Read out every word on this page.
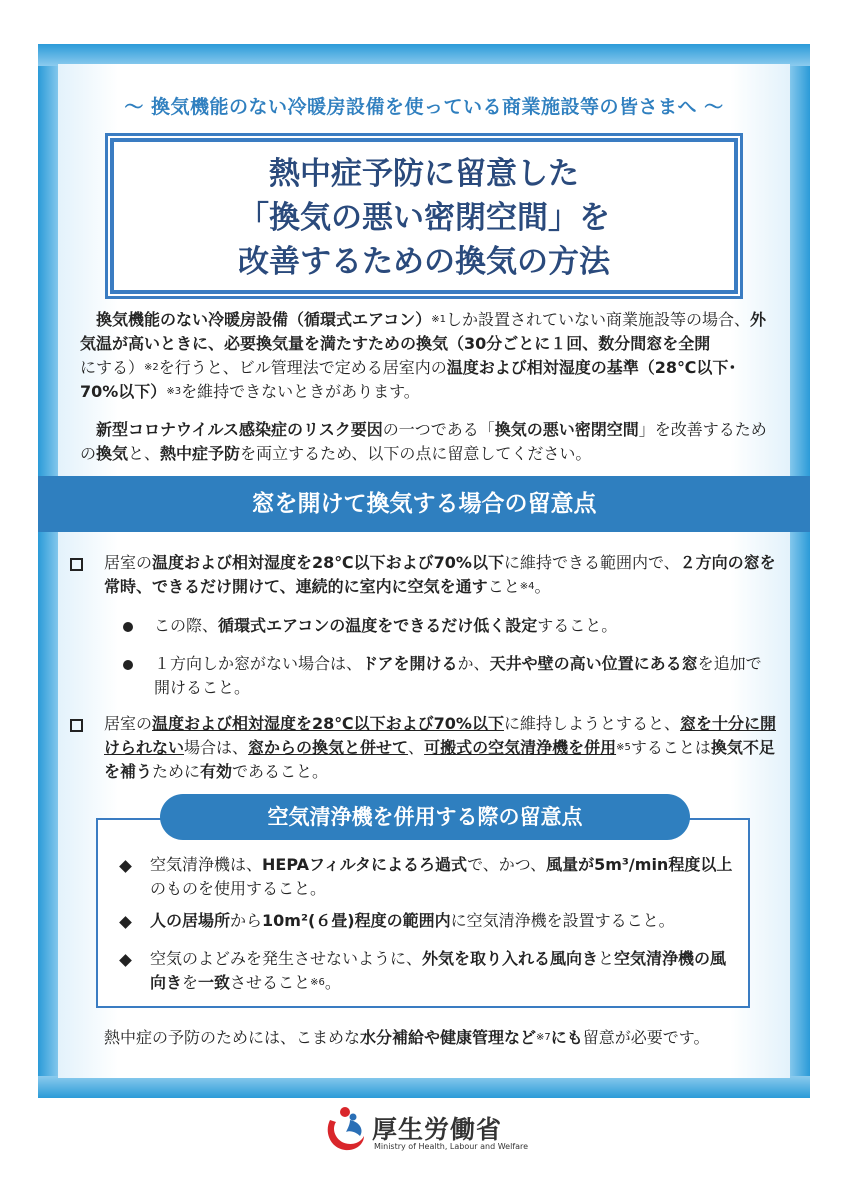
〜 換気機能のない冷暖房設備を使っている商業施設等の皆さまへ 〜
熱中症予防に留意した
「換気の悪い密閉空間」を
改善するための換気の方法
　換気機能のない冷暖房設備（循環式エアコン）$^{※1}$しか設置されていない商業施設等の場合、外気温が高いときに、必要換気量を満たすための換気（30分ごとに１回、数分間窓を全開にする）$^{※2}$を行うと、ビル管理法で定める居室内の温度および相対湿度の基準（28℃以下･70%以下）$^{※3}$を維持できないときがあります。
　新型コロナウイルス感染症のリスク要因の一つである「換気の悪い密閉空間」を改善するための換気と、熱中症予防を両立するため、以下の点に留意してください。
窓を開けて換気する場合の留意点
居室の温度および相対湿度を28℃以下および70%以下に維持できる範囲内で、２方向の窓を常時、できるだけ開けて、連続的に室内に空気を通すこと$^{※4}$。
この際、循環式エアコンの温度をできるだけ低く設定すること。
１方向しか窓がない場合は、ドアを開けるか、天井や壁の高い位置にある窓を追加で開けること。
居室の温度および相対湿度を28℃以下および70%以下に維持しようとすると、窓を十分に開けられない場合は、窓からの換気と併せて、可搬式の空気清浄機を併用$^{※5}$することは換気不足を補うために有効であること。
空気清浄機を併用する際の留意点
空気清浄機は、HEPAフィルタによるろ過式で、かつ、風量が5m³/min程度以上のものを使用すること。
人の居場所から10m²(６畳)程度の範囲内に空気清浄機を設置すること。
空気のよどみを発生させないように、外気を取り入れる風向きと空気清浄機の風向きを一致させること$^{※6}$。
熱中症の予防のためには、こまめな水分補給や健康管理など$^{※7}$にも留意が必要です。
厚生労働省
Ministry of Health, Labour and Welfare
